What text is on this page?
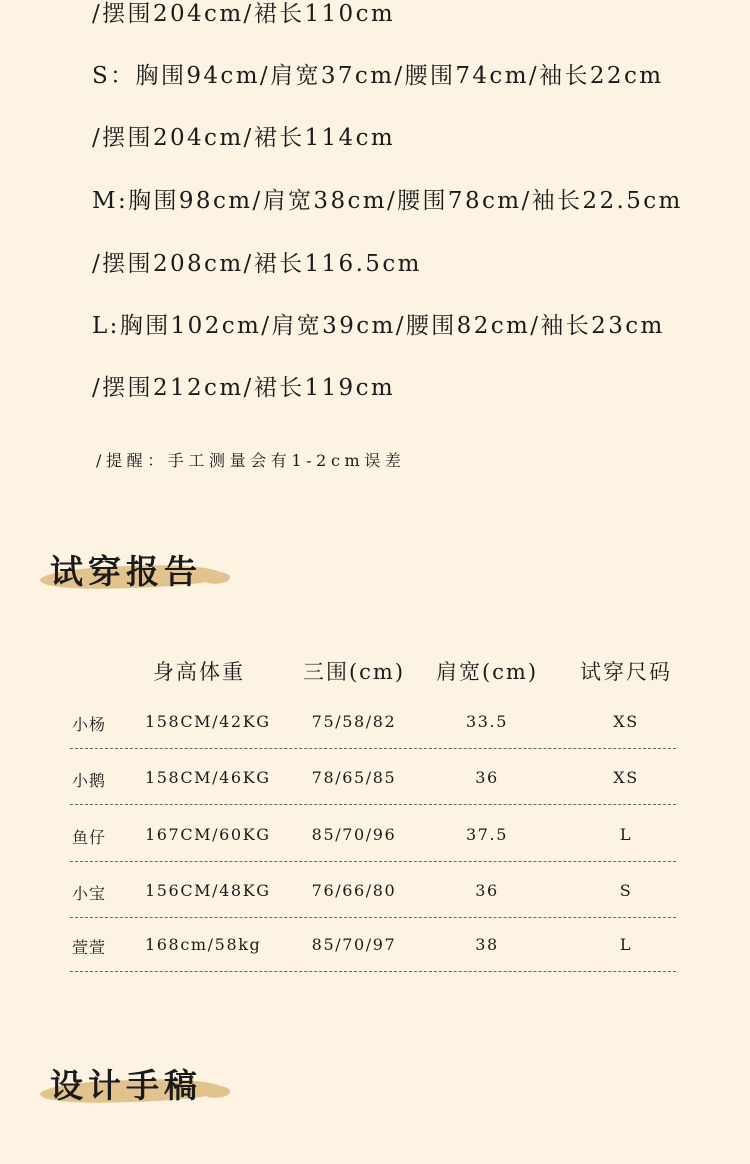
/摆围204cm/裙长110cm

S：胸围94cm/肩宽37cm/腰围74cm/袖长22cm

/摆围204cm/裙长114cm

M:胸围98cm/肩宽38cm/腰围78cm/袖长22.5cm

/摆围208cm/裙长116.5cm

L:胸围102cm/肩宽39cm/腰围82cm/袖长23cm

/摆围212cm/裙长119cm

/提醒：手工测量会有1-2cm误差

试穿报告
身高体重	三围(cm) 肩宽(cm) 试穿尺码
小杨 158CM/42KG	75/58/82	33.5	XS
小鹅 158CM/46KG	78/65/85	36	XS
鱼仔 167CM/60KG	85/70/96	37.5	L
小宝 156CM/48KG	76/66/80	36	S
萱萱 168cm/58kg	85/70/97	38	L
设计手稿
